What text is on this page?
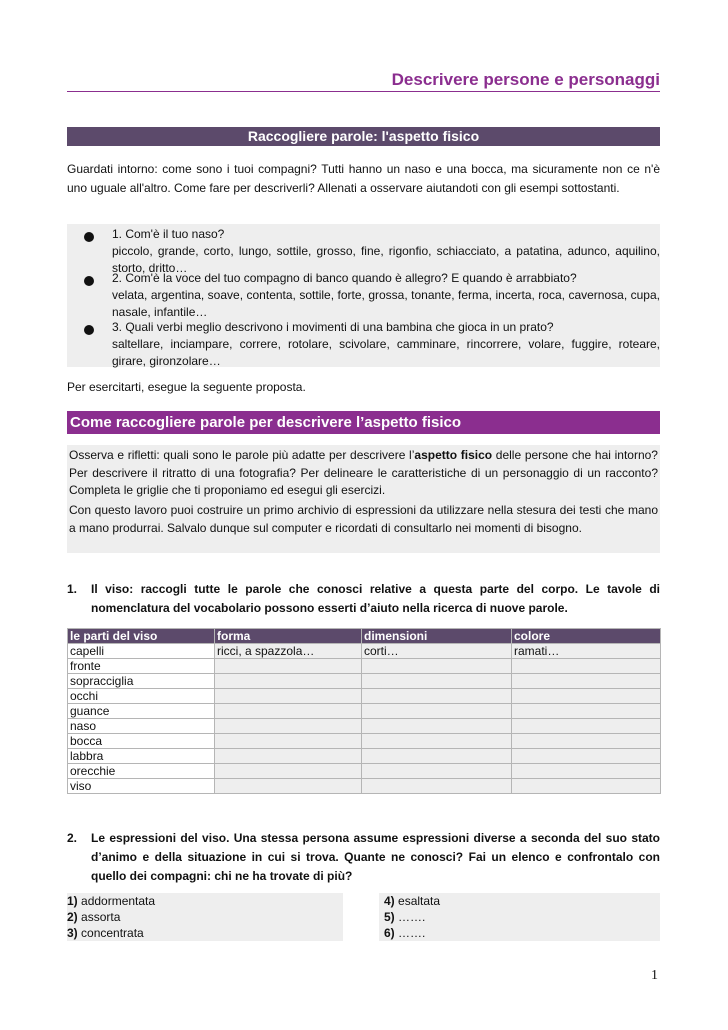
Descrivere persone e personaggi
Raccogliere parole: l'aspetto fisico
Guardati intorno: come sono i tuoi compagni? Tutti hanno un naso e una bocca, ma sicuramente non ce n'è uno uguale all'altro. Come fare per descriverli? Allenati a osservare aiutandoti con gli esempi sottostanti.
1. Com'è il tuo naso?
piccolo, grande, corto, lungo, sottile, grosso, fine, rigonfio, schiacciato, a patatina, adunco, aquilino, storto, dritto…
2. Com'è la voce del tuo compagno di banco quando è allegro? E quando è arrabbiato?
velata, argentina, soave, contenta, sottile, forte, grossa, tonante, ferma, incerta, roca, cavernosa, cupa, nasale, infantile…
3. Quali verbi meglio descrivono i movimenti di una bambina che gioca in un prato?
saltellare, inciampare, correre, rotolare, scivolare, camminare, rincorrere, volare, fuggire, roteare, girare, gironzolare…
Per esercitarti, esegue la seguente proposta.
Come raccogliere parole per descrivere l’aspetto fisico
Osserva e rifletti: quali sono le parole più adatte per descrivere l’aspetto fisico delle persone che hai intorno? Per descrivere il ritratto di una fotografia? Per delineare le caratteristiche di un personaggio di un racconto? Completa le griglie che ti proponiamo ed esegui gli esercizi.
Con questo lavoro puoi costruire un primo archivio di espressioni da utilizzare nella stesura dei testi che mano a mano produrrai. Salvalo dunque sul computer e ricordati di consultarlo nei momenti di bisogno.
1. Il viso: raccogli tutte le parole che conosci relative a questa parte del corpo. Le tavole di nomenclatura del vocabolario possono esserti d’aiuto nella ricerca di nuove parole.
le parti del viso	forma	dimensioni	colore
capelli	ricci, a spazzola…	corti…	ramati…
fronte			
sopracciglia			
occhi			
guance			
naso			
bocca			
labbra			
orecchie			
viso			
2. Le espressioni del viso. Una stessa persona assume espressioni diverse a seconda del suo stato d’animo e della situazione in cui si trova. Quante ne conosci? Fai un elenco e confrontalo con quello dei compagni: chi ne ha trovate di più?
1) addormentata	4) esaltata
2) assorta	5) …….
3) concentrata	6) …….
1
